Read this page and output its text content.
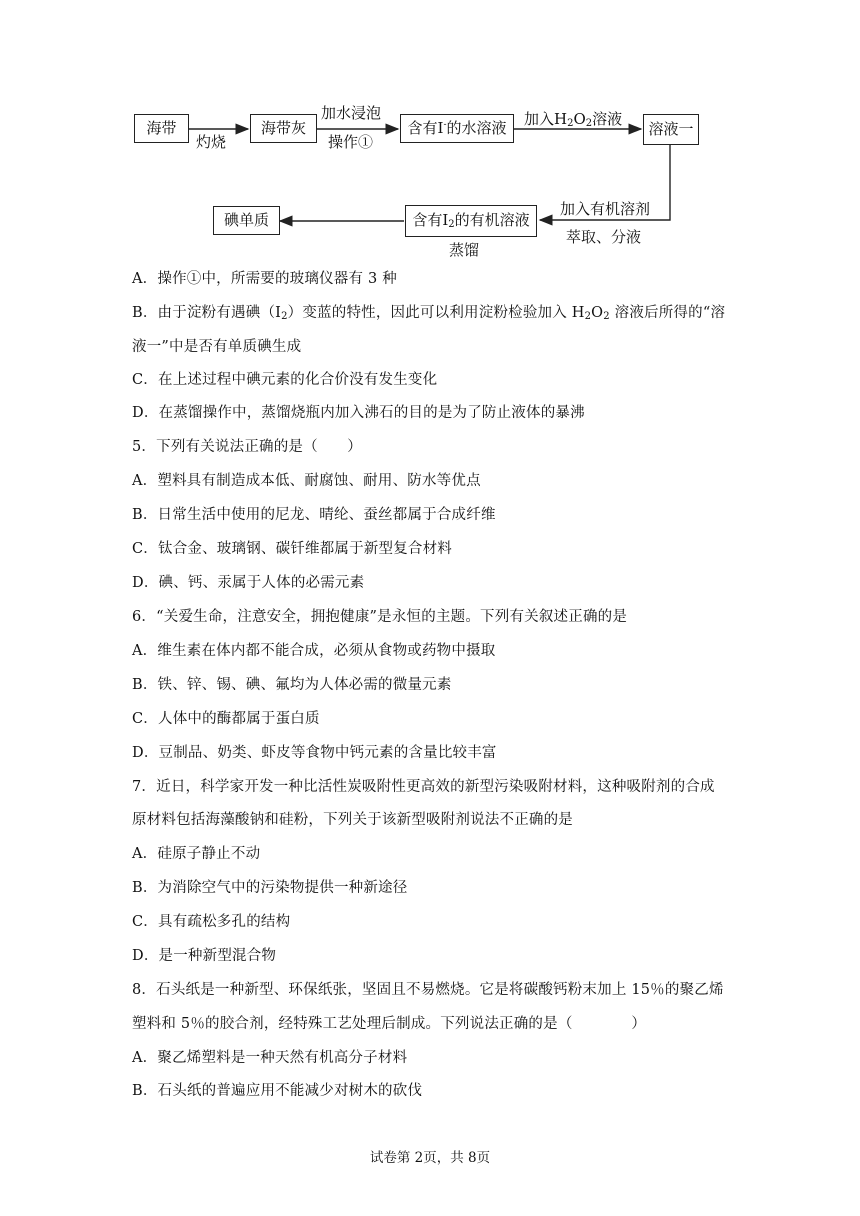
海带
灼烧
海带灰
加水浸泡
操作①
含有I-的水溶液 加入$H_2O_2$溶液
溶液一
加入有机溶剂
萃取、分液
含有$I_2$的有机溶液
蒸馏
碘单质
A．操作①中，所需要的玻璃仪器有 3 种
B．由于淀粉有遇碘$(I_2)$变蓝的特性，因此可以利用淀粉检验加入 $H_2O_2$ 溶液后所得的“溶
液一”中是否有单质碘生成
C．在上述过程中碘元素的化合价没有发生变化
D．在蒸馏操作中，蒸馏烧瓶内加入沸石的目的是为了防止液体的暴沸
5．下列有关说法正确的是（　　）
A．塑料具有制造成本低、耐腐蚀、耐用、防水等优点
B．日常生活中使用的尼龙、晴纶、蚕丝都属于合成纤维
C．钛合金、玻璃钢、碳钎维都属于新型复合材料
D．碘、钙、汞属于人体的必需元素
6．“关爱生命，注意安全，拥抱健康”是永恒的主题。下列有关叙述正确的是
A．维生素在体内都不能合成，必须从食物或药物中摄取
B．铁、锌、锡、碘、氟均为人体必需的微量元素
C．人体中的酶都属于蛋白质
D．豆制品、奶类、虾皮等食物中钙元素的含量比较丰富
7．近日，科学家开发一种比活性炭吸附性更高效的新型污染吸附材料，这种吸附剂的合成
原材料包括海藻酸钠和硅粉，下列关于该新型吸附剂说法不正确的是
A．硅原子静止不动
B．为消除空气中的污染物提供一种新途径
C．具有疏松多孔的结构
D．是一种新型混合物
8．石头纸是一种新型、环保纸张，坚固且不易燃烧。它是将碳酸钙粉末加上 15％的聚乙烯
塑料和 5％的胶合剂，经特殊工艺处理后制成。下列说法正确的是（　　　　）
A．聚乙烯塑料是一种天然有机高分子材料
B．石头纸的普遍应用不能减少对树木的砍伐
试卷第 2页，共 8页
